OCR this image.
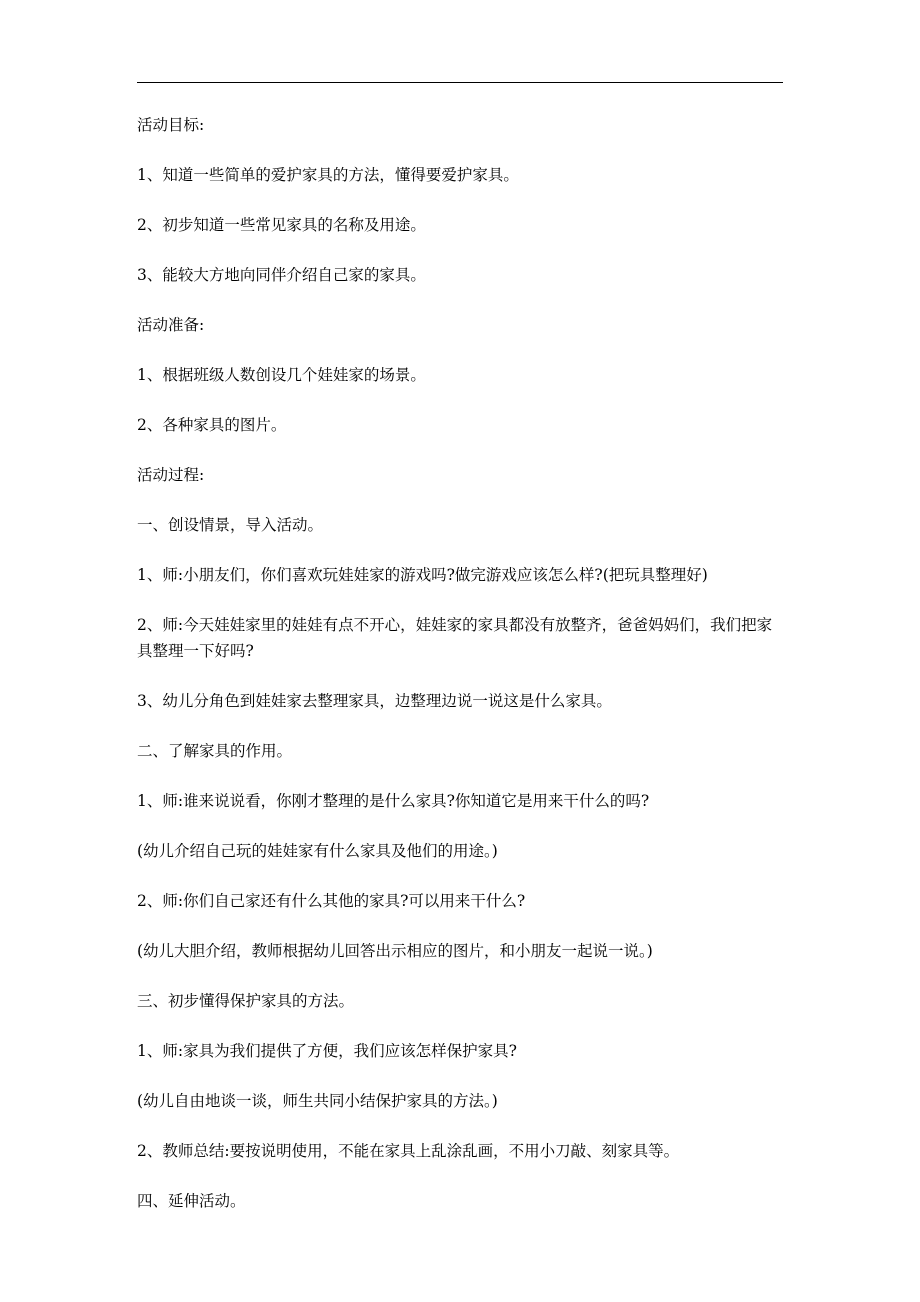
活动目标:

1、知道一些简单的爱护家具的方法，懂得要爱护家具。

2、初步知道一些常见家具的名称及用途。

3、能较大方地向同伴介绍自己家的家具。

活动准备:

1、根据班级人数创设几个娃娃家的场景。

2、各种家具的图片。

活动过程:

一、创设情景，导入活动。

1、师:小朋友们，你们喜欢玩娃娃家的游戏吗?做完游戏应该怎么样?(把玩具整理好)

2、师:今天娃娃家里的娃娃有点不开心，娃娃家的家具都没有放整齐，爸爸妈妈们，我们把家具整理一下好吗?

3、幼儿分角色到娃娃家去整理家具，边整理边说一说这是什么家具。

二、了解家具的作用。

1、师:谁来说说看，你刚才整理的是什么家具?你知道它是用来干什么的吗?

(幼儿介绍自己玩的娃娃家有什么家具及他们的用途。)

2、师:你们自己家还有什么其他的家具?可以用来干什么?

(幼儿大胆介绍，教师根据幼儿回答出示相应的图片，和小朋友一起说一说。)

三、初步懂得保护家具的方法。

1、师:家具为我们提供了方便，我们应该怎样保护家具?

(幼儿自由地谈一谈，师生共同小结保护家具的方法。)

2、教师总结:要按说明使用，不能在家具上乱涂乱画，不用小刀敲、刻家具等。

四、延伸活动。
